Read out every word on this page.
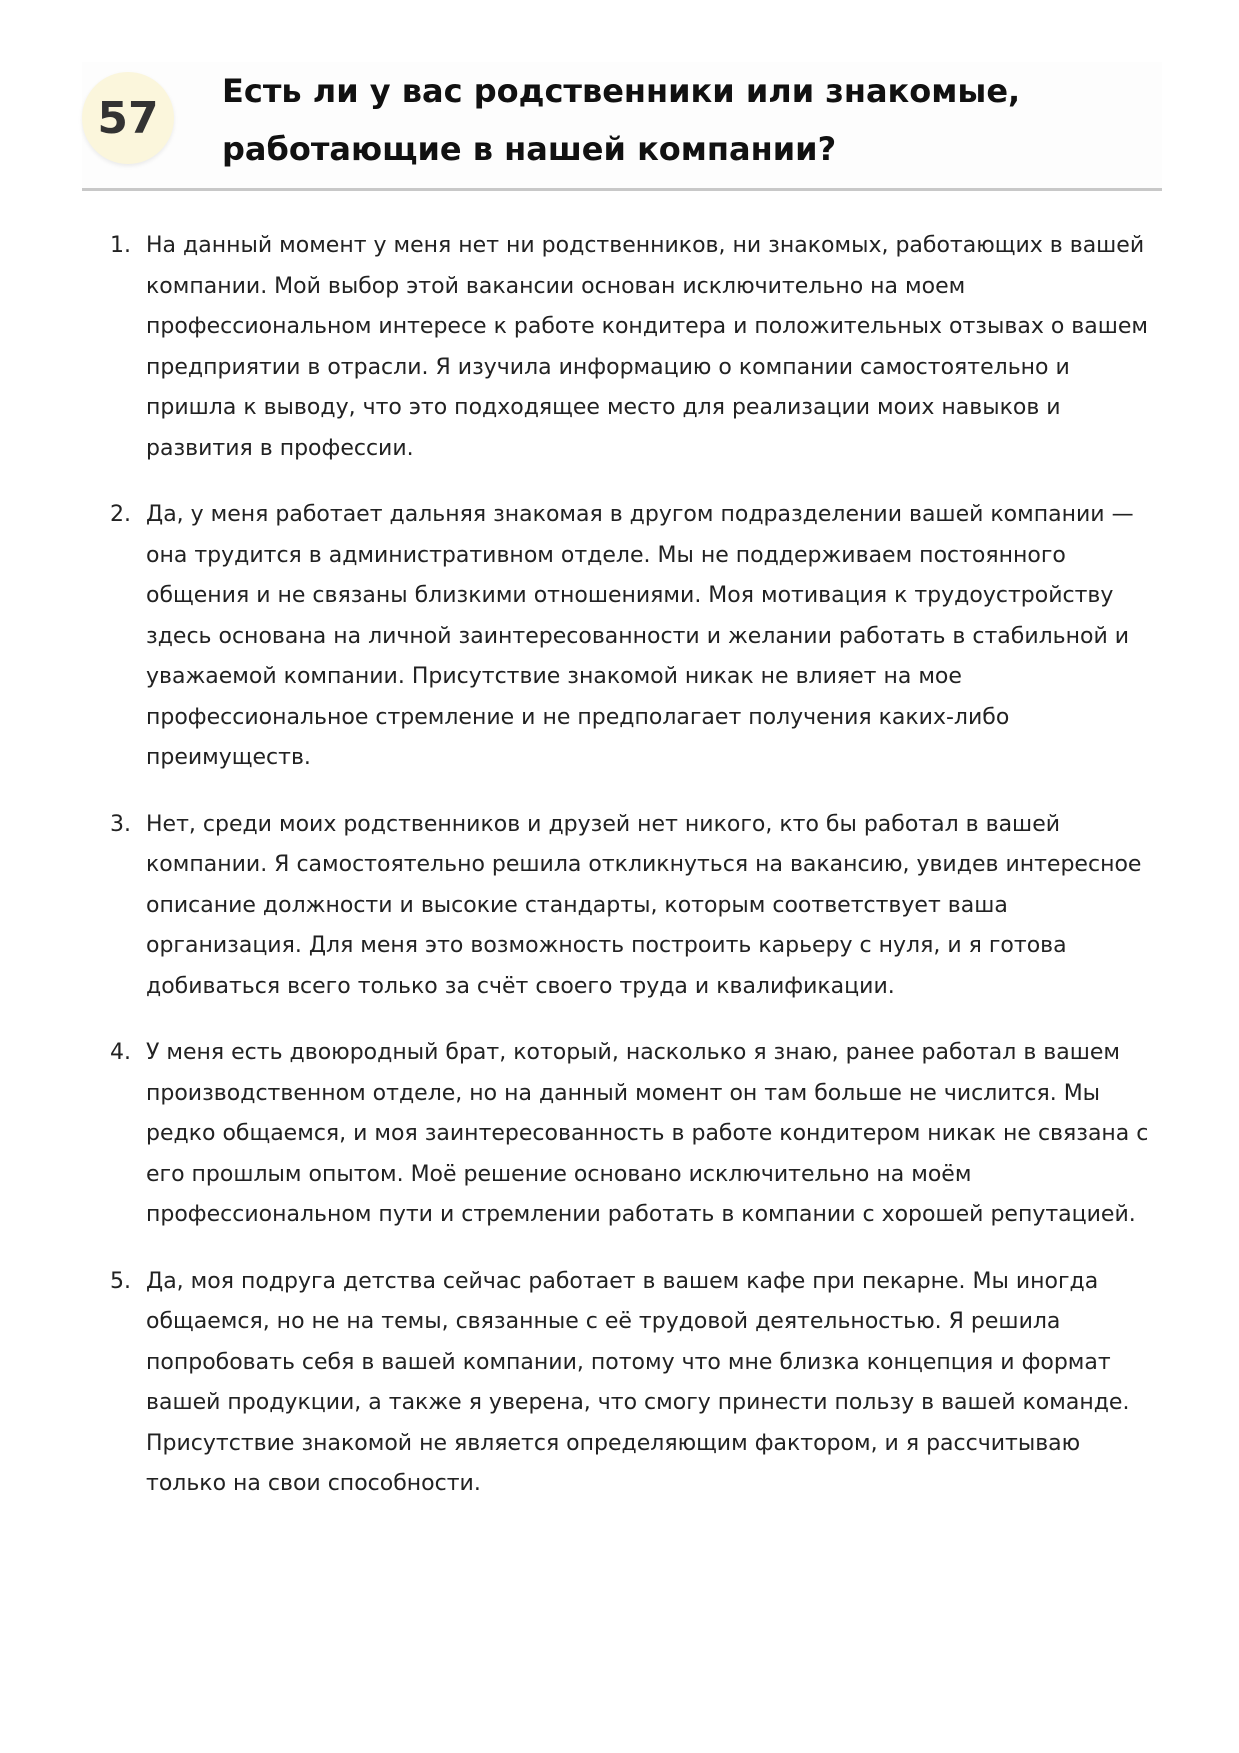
57
Есть ли у вас родственники или знакомые, работающие в нашей компании?
1. На данный момент у меня нет ни родственников, ни знакомых, работающих в вашей компании. Мой выбор этой вакансии основан исключительно на моем профессиональном интересе к работе кондитера и положительных отзывах о вашем предприятии в отрасли. Я изучила информацию о компании самостоятельно и пришла к выводу, что это подходящее место для реализации моих навыков и развития в профессии.
2. Да, у меня работает дальняя знакомая в другом подразделении вашей компании — она трудится в административном отделе. Мы не поддерживаем постоянного общения и не связаны близкими отношениями. Моя мотивация к трудоустройству здесь основана на личной заинтересованности и желании работать в стабильной и уважаемой компании. Присутствие знакомой никак не влияет на мое профессиональное стремление и не предполагает получения каких-либо преимуществ.
3. Нет, среди моих родственников и друзей нет никого, кто бы работал в вашей компании. Я самостоятельно решила откликнуться на вакансию, увидев интересное описание должности и высокие стандарты, которым соответствует ваша организация. Для меня это возможность построить карьеру с нуля, и я готова добиваться всего только за счёт своего труда и квалификации.
4. У меня есть двоюродный брат, который, насколько я знаю, ранее работал в вашем производственном отделе, но на данный момент он там больше не числится. Мы редко общаемся, и моя заинтересованность в работе кондитером никак не связана с его прошлым опытом. Моё решение основано исключительно на моём профессиональном пути и стремлении работать в компании с хорошей репутацией.
5. Да, моя подруга детства сейчас работает в вашем кафе при пекарне. Мы иногда общаемся, но не на темы, связанные с её трудовой деятельностью. Я решила попробовать себя в вашей компании, потому что мне близка концепция и формат вашей продукции, а также я уверена, что смогу принести пользу в вашей команде. Присутствие знакомой не является определяющим фактором, и я рассчитываю только на свои способности.
